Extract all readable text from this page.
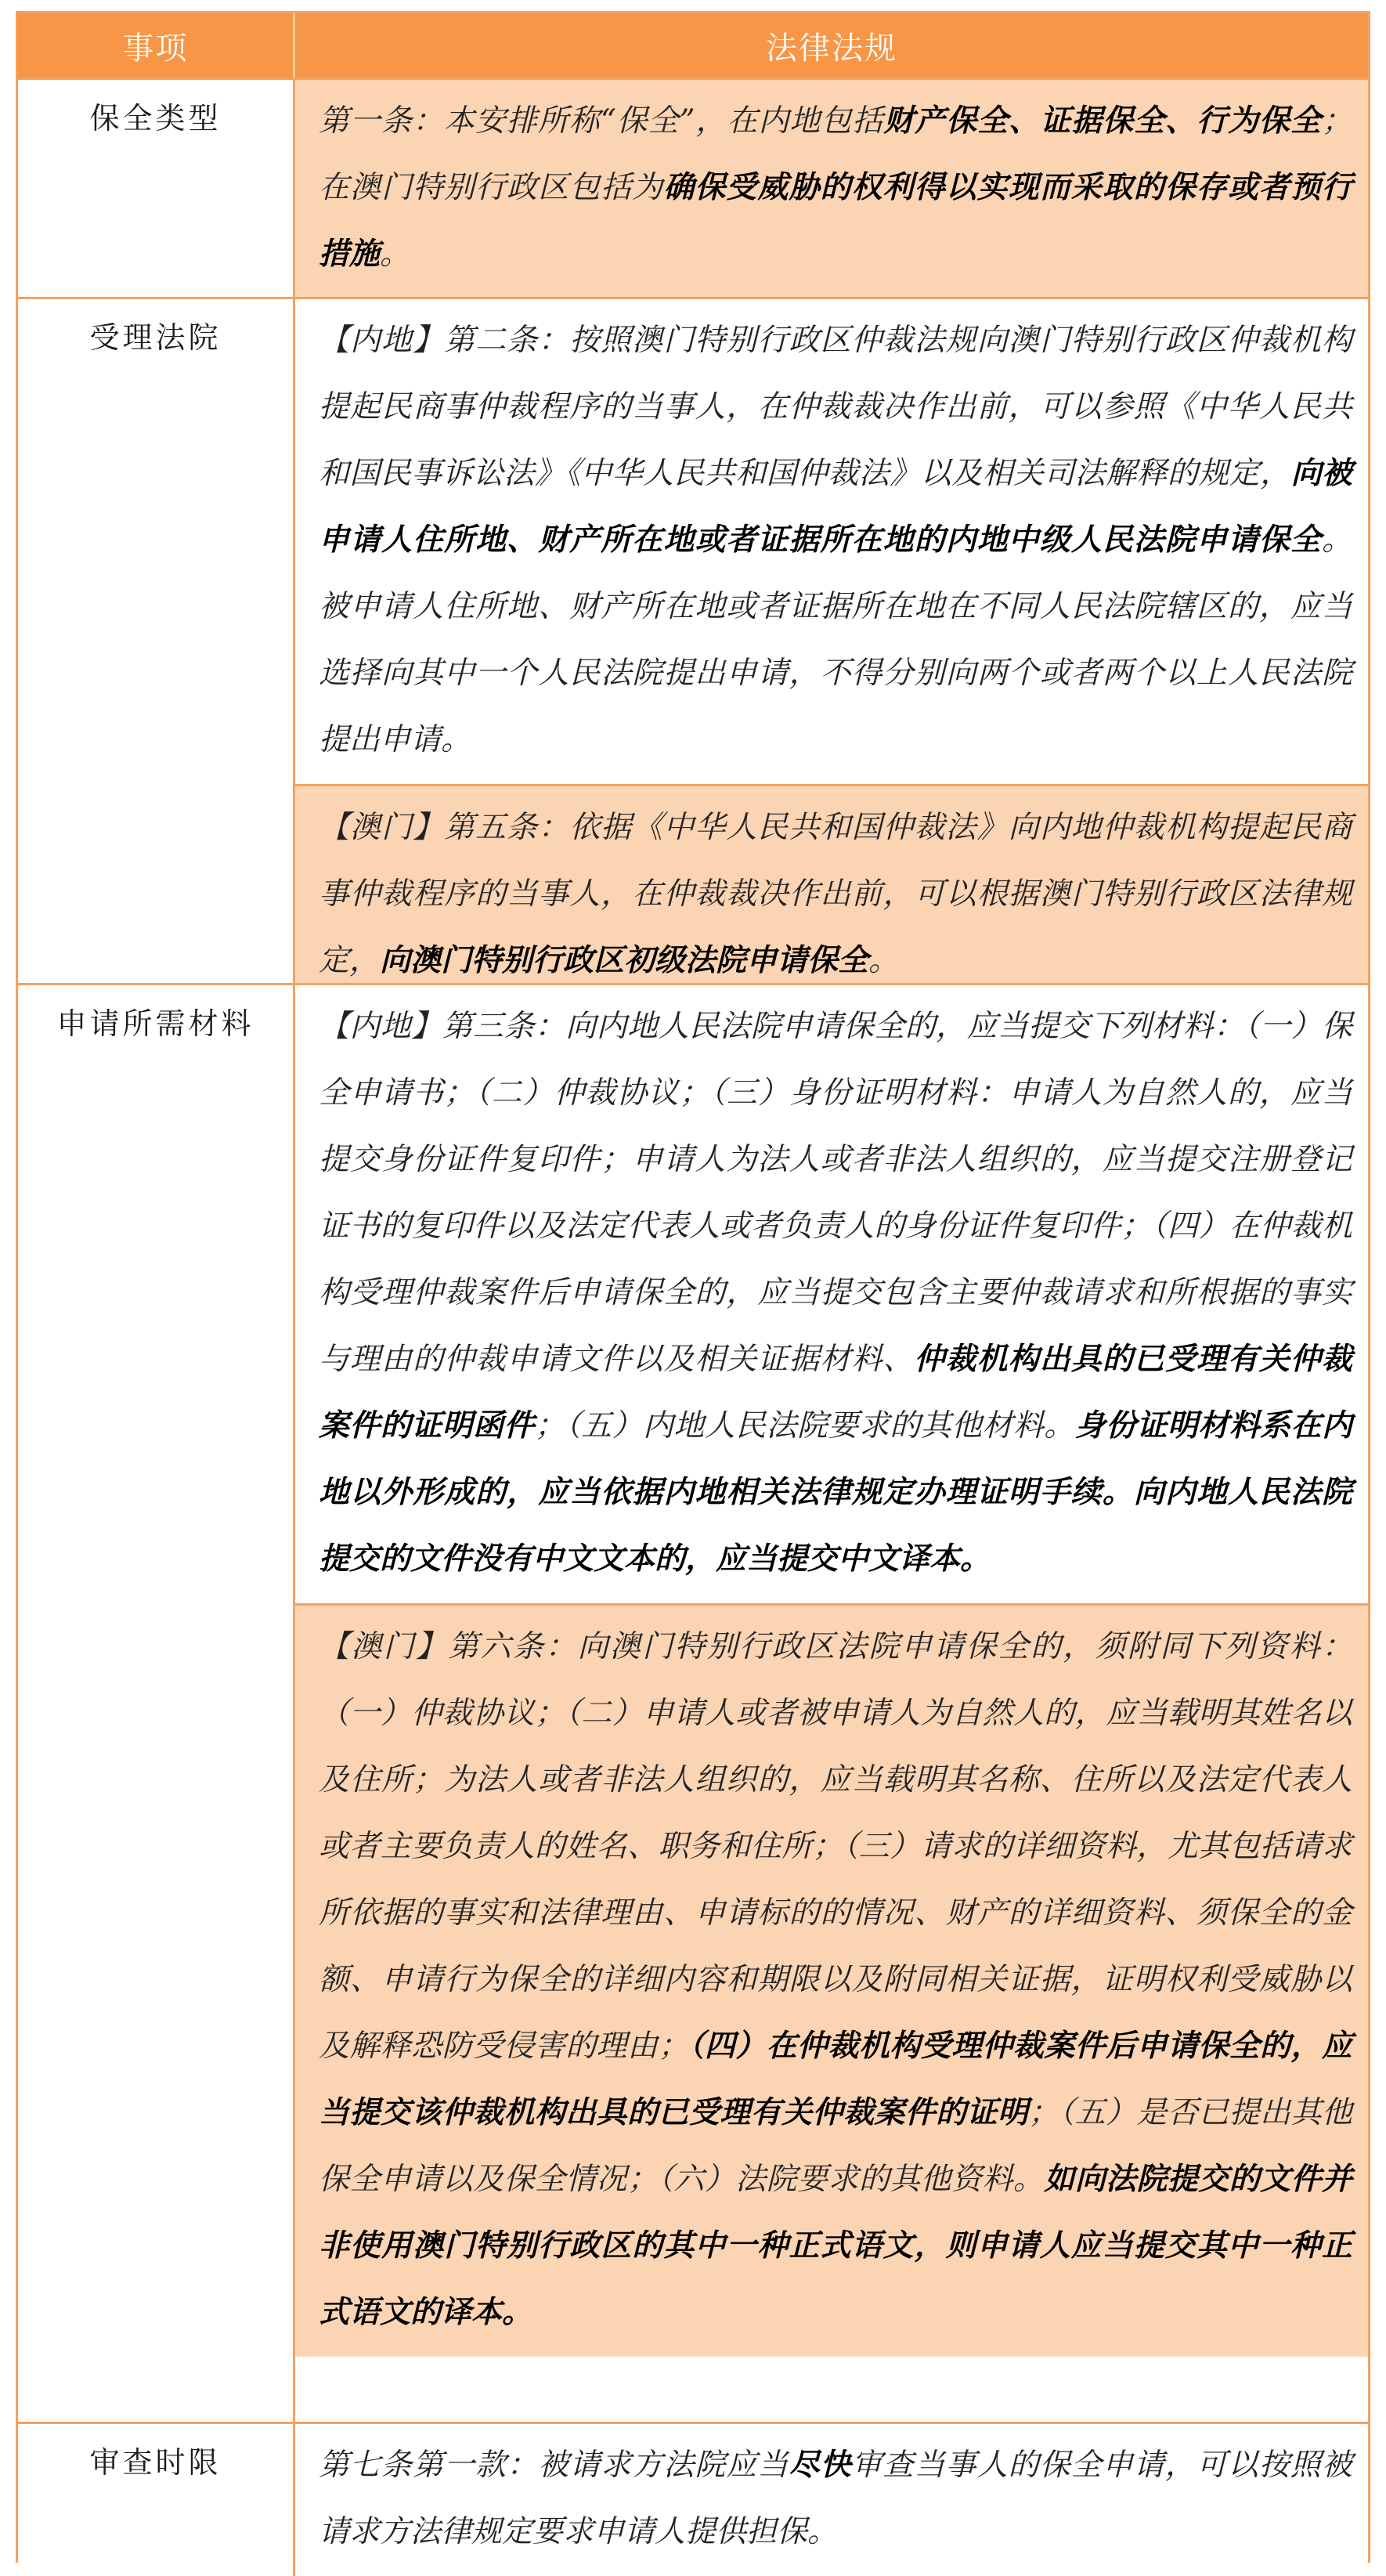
事项	法律法规
保全类型	第一条：本安排所称“保全”，在内地包括财产保全、证据保全、行为保全；在澳门特别行政区包括为确保受威胁的权利得以实现而采取的保存或者预行措施。
受理法院	【内地】第二条：按照澳门特别行政区仲裁法规向澳门特别行政区仲裁机构提起民商事仲裁程序的当事人，在仲裁裁决作出前，可以参照《中华人民共和国民事诉讼法》《中华人民共和国仲裁法》以及相关司法解释的规定，向被申请人住所地、财产所在地或者证据所在地的内地中级人民法院申请保全。被申请人住所地、财产所在地或者证据所在地在不同人民法院辖区的，应当选择向其中一个人民法院提出申请，不得分别向两个或者两个以上人民法院提出申请。
【澳门】第五条：依据《中华人民共和国仲裁法》向内地仲裁机构提起民商事仲裁程序的当事人，在仲裁裁决作出前，可以根据澳门特别行政区法律规定，向澳门特别行政区初级法院申请保全。
申请所需材料	【内地】第三条：向内地人民法院申请保全的，应当提交下列材料：（一）保全申请书；（二）仲裁协议；（三）身份证明材料：申请人为自然人的，应当提交身份证件复印件；申请人为法人或者非法人组织的，应当提交注册登记证书的复印件以及法定代表人或者负责人的身份证件复印件；（四）在仲裁机构受理仲裁案件后申请保全的，应当提交包含主要仲裁请求和所根据的事实与理由的仲裁申请文件以及相关证据材料、仲裁机构出具的已受理有关仲裁案件的证明函件；（五）内地人民法院要求的其他材料。身份证明材料系在内地以外形成的，应当依据内地相关法律规定办理证明手续。向内地人民法院提交的文件没有中文文本的，应当提交中文译本。
【澳门】第六条：向澳门特别行政区法院申请保全的，须附同下列资料：（一）仲裁协议；（二）申请人或者被申请人为自然人的，应当载明其姓名以及住所；为法人或者非法人组织的，应当载明其名称、住所以及法定代表人或者主要负责人的姓名、职务和住所；（三）请求的详细资料，尤其包括请求所依据的事实和法律理由、申请标的的情况、财产的详细资料、须保全的金额、申请行为保全的详细内容和期限以及附同相关证据，证明权利受威胁以及解释恐防受侵害的理由；（四）在仲裁机构受理仲裁案件后申请保全的，应当提交该仲裁机构出具的已受理有关仲裁案件的证明；（五）是否已提出其他保全申请以及保全情况；（六）法院要求的其他资料。如向法院提交的文件并非使用澳门特别行政区的其中一种正式语文，则申请人应当提交其中一种正式语文的译本。
审查时限	第七条第一款：被请求方法院应当尽快审查当事人的保全申请，可以按照被请求方法律规定要求申请人提供担保。
